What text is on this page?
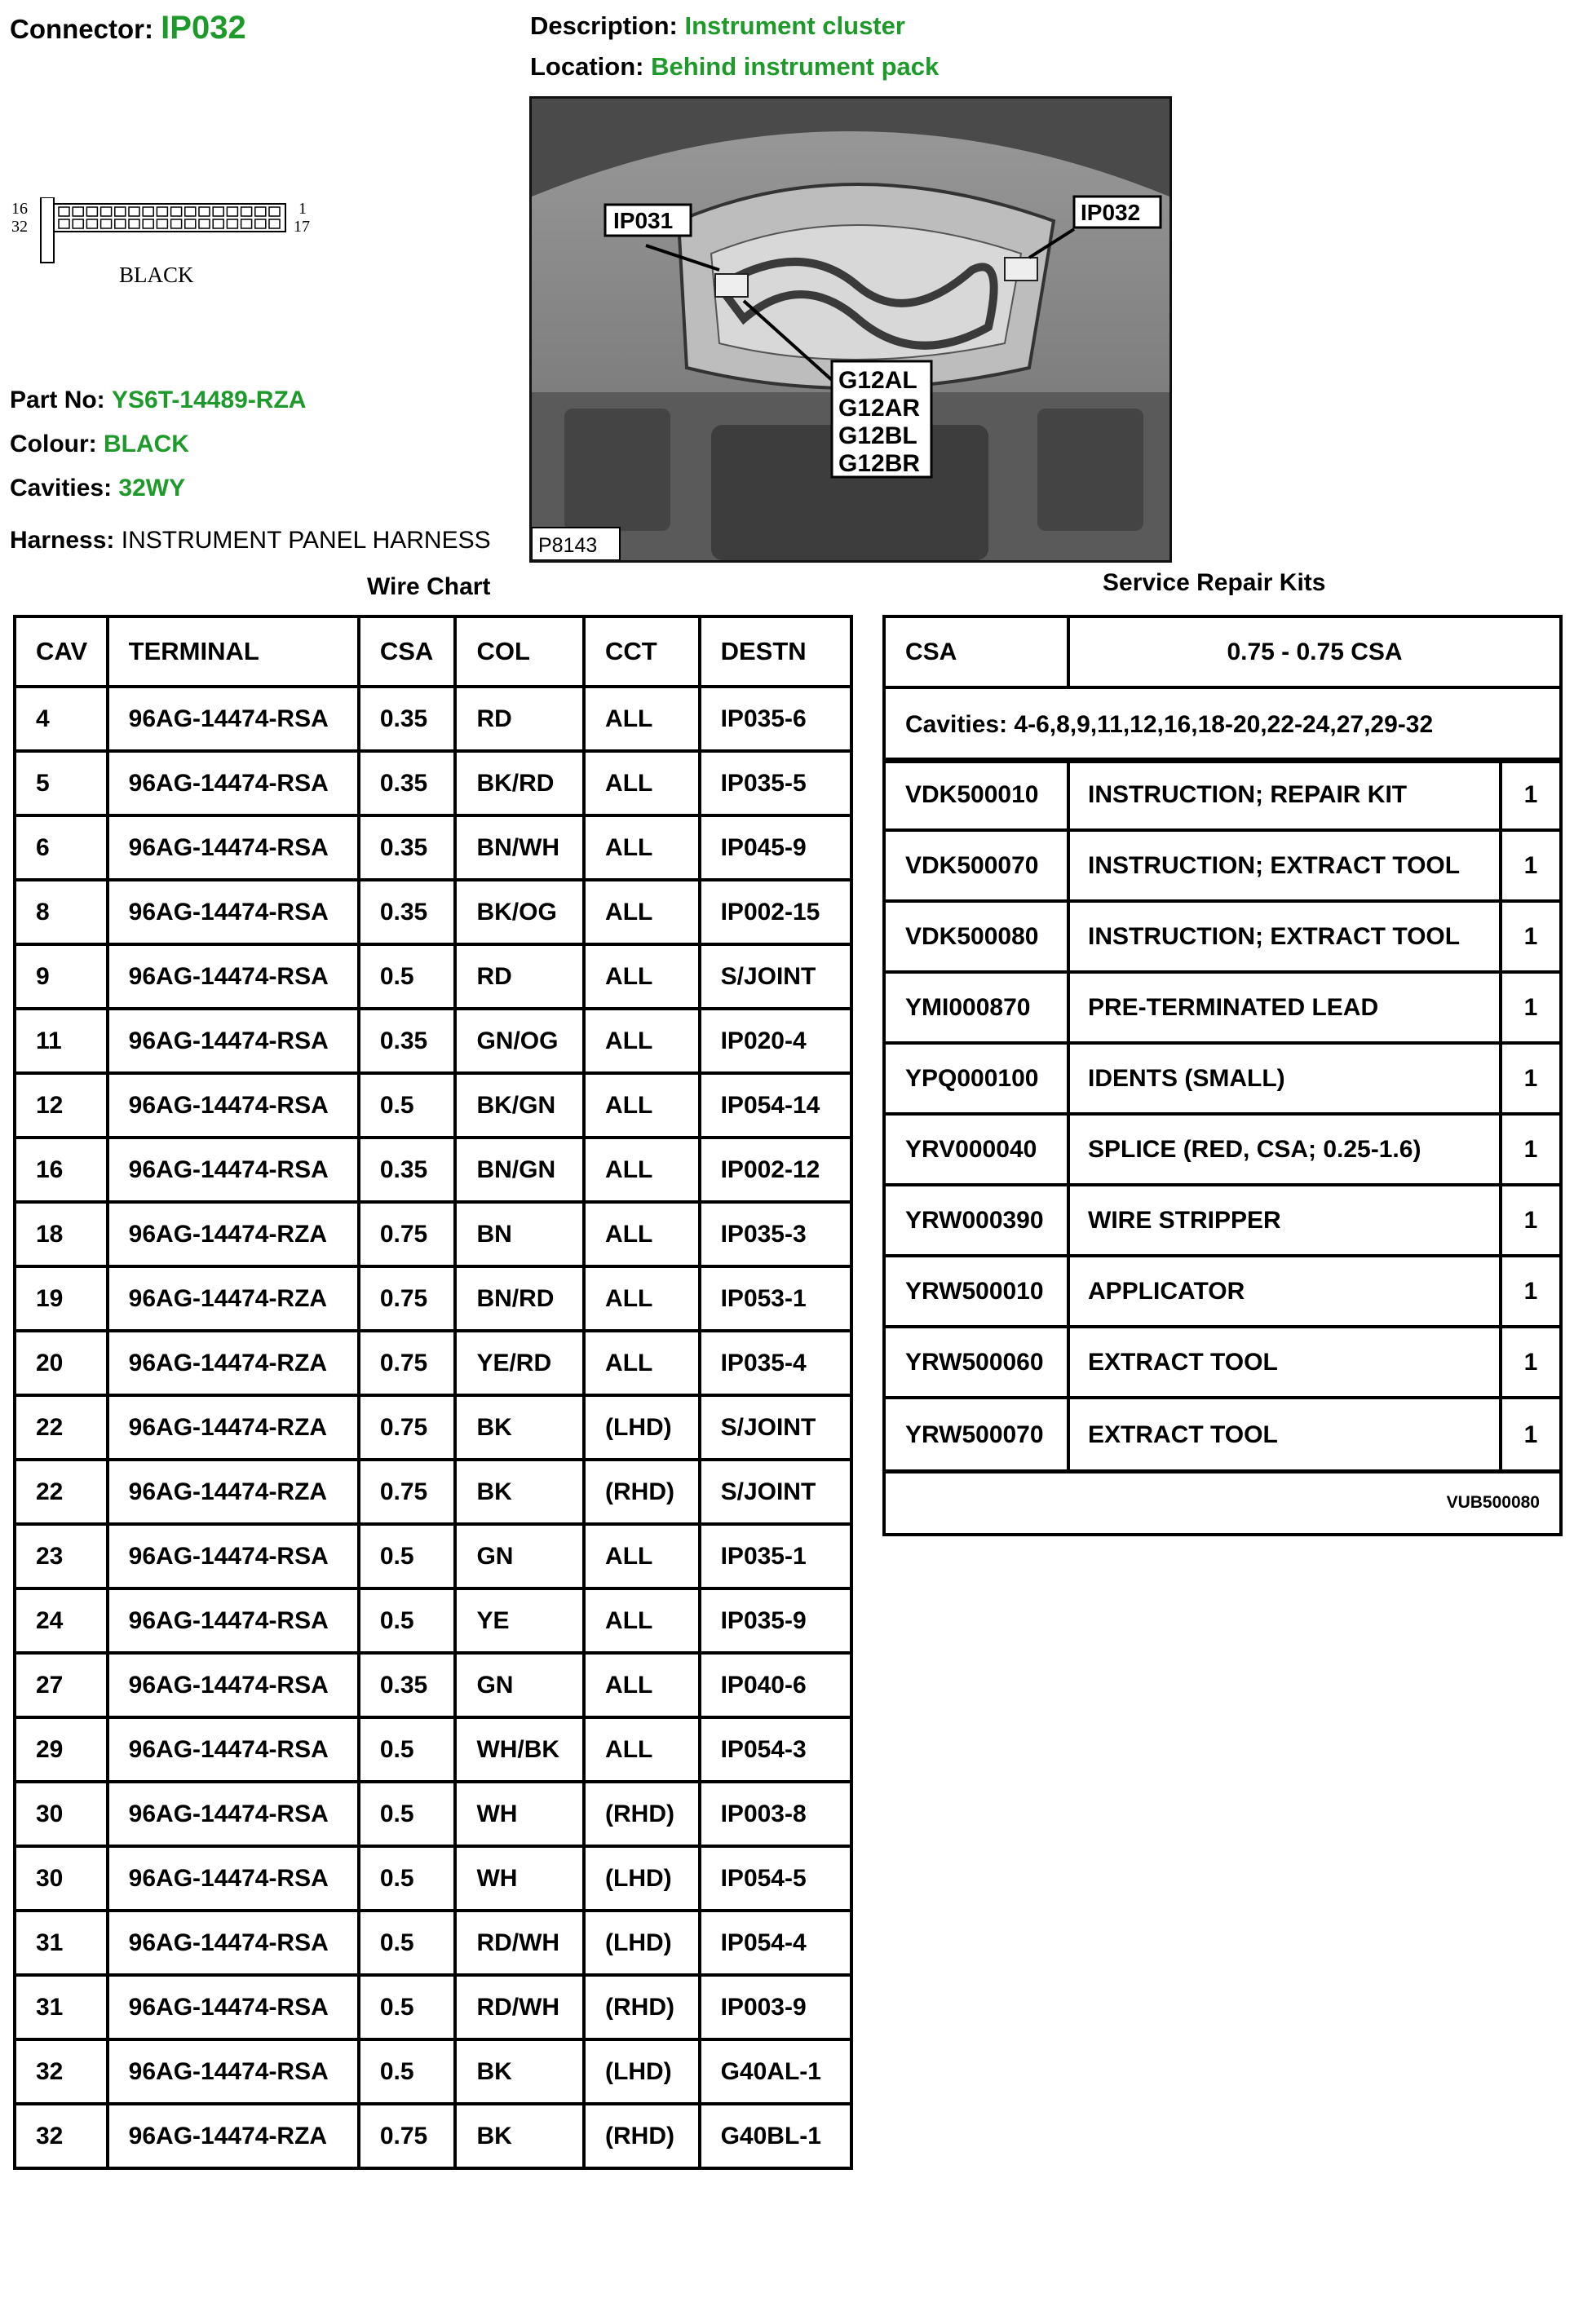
Connector: IP032	Description: Instrument cluster
Location: Behind instrument pack
16
32
1
17
BLACK
Part No: YS6T-14489-RZA
Colour: BLACK
Cavities: 32WY
Harness: INSTRUMENT PANEL HARNESS
IP031	IP032
G12AL
G12AR
G12BL
G12BR
P8143
Wire Chart	Service Repair Kits
CAV	TERMINAL	CSA	COL	CCT	DESTN
4	96AG-14474-RSA	0.35	RD	ALL	IP035-6
5	96AG-14474-RSA	0.35	BK/RD	ALL	IP035-5
6	96AG-14474-RSA	0.35	BN/WH	ALL	IP045-9
8	96AG-14474-RSA	0.35	BK/OG	ALL	IP002-15
9	96AG-14474-RSA	0.5	RD	ALL	S/JOINT
11	96AG-14474-RSA	0.35	GN/OG	ALL	IP020-4
12	96AG-14474-RSA	0.5	BK/GN	ALL	IP054-14
16	96AG-14474-RSA	0.35	BN/GN	ALL	IP002-12
18	96AG-14474-RZA	0.75	BN	ALL	IP035-3
19	96AG-14474-RZA	0.75	BN/RD	ALL	IP053-1
20	96AG-14474-RZA	0.75	YE/RD	ALL	IP035-4
22	96AG-14474-RZA	0.75	BK	(LHD)	S/JOINT
22	96AG-14474-RZA	0.75	BK	(RHD)	S/JOINT
23	96AG-14474-RSA	0.5	GN	ALL	IP035-1
24	96AG-14474-RSA	0.5	YE	ALL	IP035-9
27	96AG-14474-RSA	0.35	GN	ALL	IP040-6
29	96AG-14474-RSA	0.5	WH/BK	ALL	IP054-3
30	96AG-14474-RSA	0.5	WH	(RHD)	IP003-8
30	96AG-14474-RSA	0.5	WH	(LHD)	IP054-5
31	96AG-14474-RSA	0.5	RD/WH	(LHD)	IP054-4
31	96AG-14474-RSA	0.5	RD/WH	(RHD)	IP003-9
32	96AG-14474-RSA	0.5	BK	(LHD)	G40AL-1
32	96AG-14474-RZA	0.75	BK	(RHD)	G40BL-1
CSA	0.75 - 0.75 CSA
Cavities: 4-6,8,9,11,12,16,18-20,22-24,27,29-32
VDK500010	INSTRUCTION; REPAIR KIT	1
VDK500070	INSTRUCTION; EXTRACT TOOL	1
VDK500080	INSTRUCTION; EXTRACT TOOL	1
YMI000870	PRE-TERMINATED LEAD	1
YPQ000100	IDENTS (SMALL)	1
YRV000040	SPLICE (RED, CSA; 0.25-1.6)	1
YRW000390	WIRE STRIPPER	1
YRW500010	APPLICATOR	1
YRW500060	EXTRACT TOOL	1
YRW500070	EXTRACT TOOL	1
VUB500080
